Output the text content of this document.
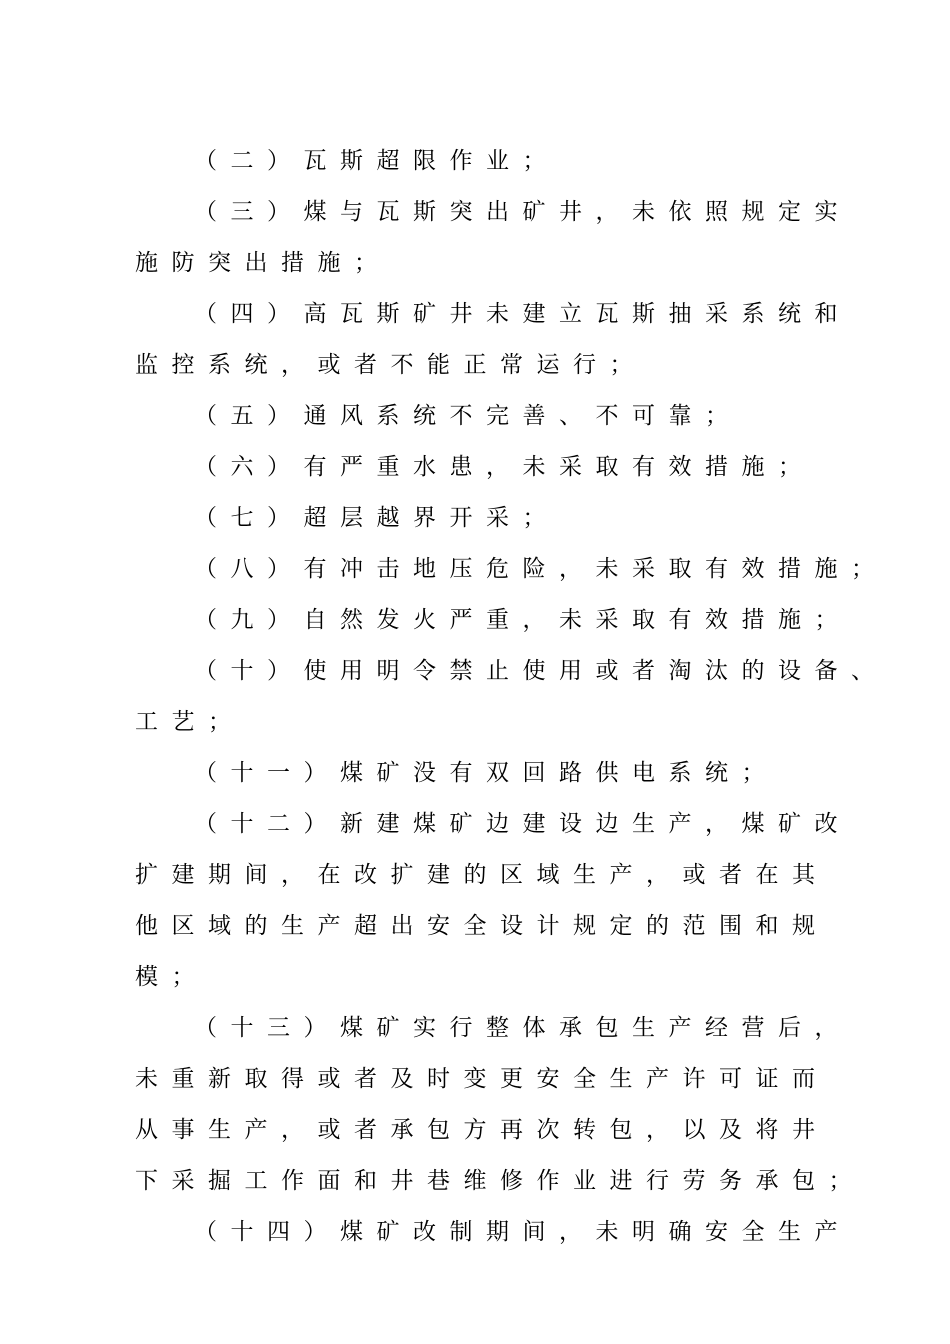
（二）瓦斯超限作业；
（三）煤与瓦斯突出矿井，未依照规定实
施防突出措施；
（四）高瓦斯矿井未建立瓦斯抽采系统和
监控系统，或者不能正常运行；
（五）通风系统不完善、不可靠；
（六）有严重水患，未采取有效措施；
（七）超层越界开采；
（八）有冲击地压危险，未采取有效措施；
（九）自然发火严重，未采取有效措施；
（十）使用明令禁止使用或者淘汰的设备、
工艺；
（十一）煤矿没有双回路供电系统；
（十二）新建煤矿边建设边生产，煤矿改
扩建期间，在改扩建的区域生产，或者在其
他区域的生产超出安全设计规定的范围和规
模；
（十三）煤矿实行整体承包生产经营后，
未重新取得或者及时变更安全生产许可证而
从事生产，或者承包方再次转包，以及将井
下采掘工作面和井巷维修作业进行劳务承包；
（十四）煤矿改制期间，未明确安全生产
